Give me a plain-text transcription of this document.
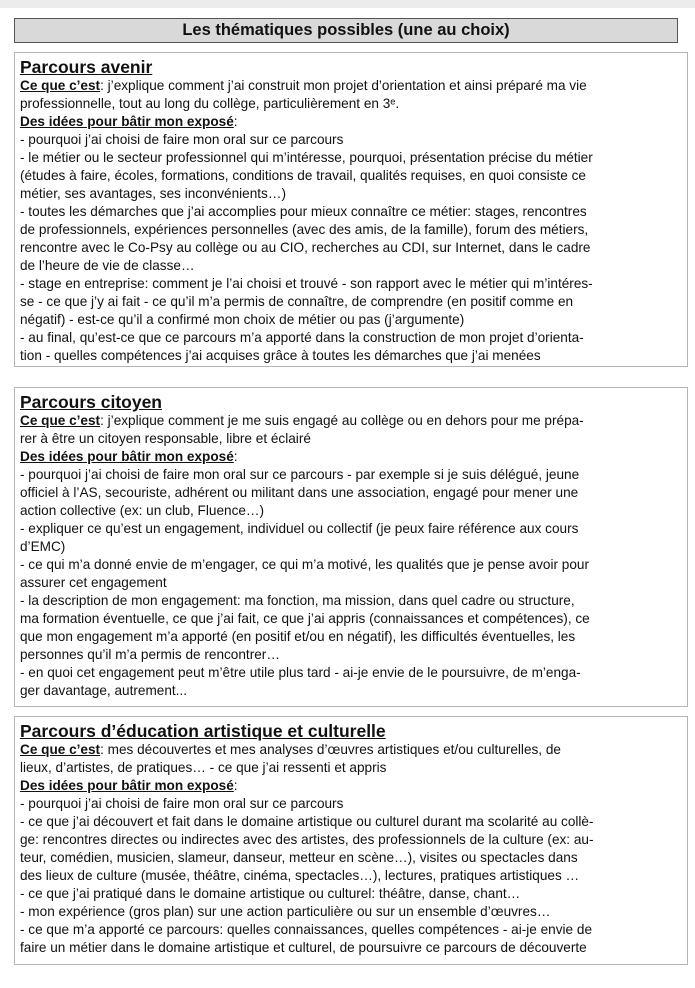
Les thématiques possibles (une au choix)
Parcours avenir
Ce que c’est: j’explique comment j’ai construit mon projet d’orientation et ainsi préparé ma vie
professionnelle, tout au long du collège, particulièrement en 3ᵉ.
Des idées pour bâtir mon exposé:
- pourquoi j’ai choisi de faire mon oral sur ce parcours
- le métier ou le secteur professionnel qui m’intéresse, pourquoi, présentation précise du métier
(études à faire, écoles, formations, conditions de travail, qualités requises, en quoi consiste ce
métier, ses avantages, ses inconvénients…)
- toutes les démarches que j’ai accomplies pour mieux connaître ce métier: stages, rencontres
de professionnels, expériences personnelles (avec des amis, de la famille), forum des métiers,
rencontre avec le Co-Psy au collège ou au CIO, recherches au CDI, sur Internet, dans le cadre
de l’heure de vie de classe…
- stage en entreprise: comment je l’ai choisi et trouvé - son rapport avec le métier qui m’intéres-
se - ce que j’y ai fait - ce qu’il m’a permis de connaître, de comprendre (en positif comme en
négatif) - est-ce qu’il a confirmé mon choix de métier ou pas (j’argumente)
- au final, qu’est-ce que ce parcours m’a apporté dans la construction de mon projet d’orienta-
tion - quelles compétences j’ai acquises grâce à toutes les démarches que j’ai menées
Parcours citoyen
Ce que c’est: j’explique comment je me suis engagé au collège ou en dehors pour me prépa-
rer à être un citoyen responsable, libre et éclairé
Des idées pour bâtir mon exposé:
- pourquoi j’ai choisi de faire mon oral sur ce parcours - par exemple si je suis délégué, jeune
officiel à l’AS, secouriste, adhérent ou militant dans une association, engagé pour mener une
action collective (ex: un club, Fluence…)
- expliquer ce qu’est un engagement, individuel ou collectif (je peux faire référence aux cours
d’EMC)
- ce qui m’a donné envie de m’engager, ce qui m’a motivé, les qualités que je pense avoir pour
assurer cet engagement
- la description de mon engagement: ma fonction, ma mission, dans quel cadre ou structure,
ma formation éventuelle, ce que j’ai fait, ce que j’ai appris (connaissances et compétences), ce
que mon engagement m’a apporté (en positif et/ou en négatif), les difficultés éventuelles, les
personnes qu’il m’a permis de rencontrer…
- en quoi cet engagement peut m’être utile plus tard - ai-je envie de le poursuivre, de m’enga-
ger davantage, autrement...
Parcours d’éducation artistique et culturelle
Ce que c’est: mes découvertes et mes analyses d’œuvres artistiques et/ou culturelles, de
lieux, d’artistes, de pratiques… - ce que j’ai ressenti et appris
Des idées pour bâtir mon exposé:
- pourquoi j’ai choisi de faire mon oral sur ce parcours
- ce que j’ai découvert et fait dans le domaine artistique ou culturel durant ma scolarité au collè-
ge: rencontres directes ou indirectes avec des artistes, des professionnels de la culture (ex: au-
teur, comédien, musicien, slameur, danseur, metteur en scène…), visites ou spectacles dans
des lieux de culture (musée, théâtre, cinéma, spectacles…), lectures, pratiques artistiques …
- ce que j’ai pratiqué dans le domaine artistique ou culturel: théâtre, danse, chant…
- mon expérience (gros plan) sur une action particulière ou sur un ensemble d’œuvres…
- ce que m’a apporté ce parcours: quelles connaissances, quelles compétences - ai-je envie de
faire un métier dans le domaine artistique et culturel, de poursuivre ce parcours de découverte
